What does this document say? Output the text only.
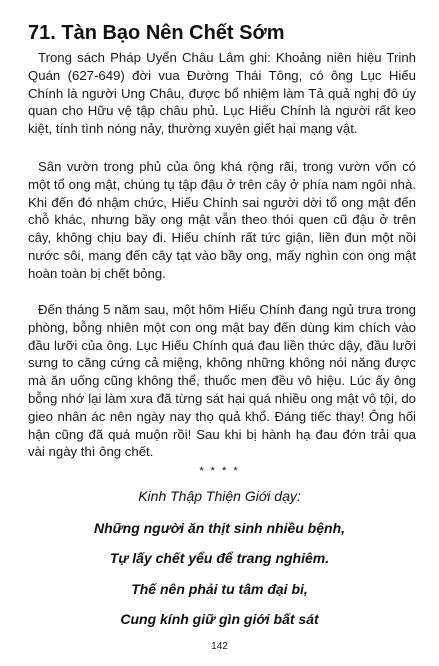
71. Tàn Bạo Nên Chết Sớm
Trong sách Pháp Uyển Châu Lâm ghi: Khoảng niên hiệu Trinh Quán (627-649) đời vua Đường Thái Tông, có ông Lục Hiếu Chính là người Ung Châu, được bổ nhiệm làm Tả quả nghị đô úy quan cho Hữu vệ tập châu phủ. Lục Hiếu Chính là người rất keo kiệt, tính tình nóng nảy, thường xuyên giết hại mạng vật.
Sân vườn trong phủ của ông khá rộng rãi, trong vườn vốn có một tổ ong mật, chúng tụ tập đậu ở trên cây ở phía nam ngôi nhà. Khi đến đó nhậm chức, Hiếu Chính sai người dời tổ ong mật đến chỗ khác, nhưng bầy ong mật vẫn theo thói quen cũ đậu ở trên cây, không chịu bay đi. Hiếu chính rất tức giận, liền đun một nồi nước sôi, mang đến cây tạt vào bầy ong, mấy nghìn con ong mật hoàn toàn bị chết bỏng.
Đến tháng 5 năm sau, một hôm Hiếu Chính đang ngủ trưa trong phòng, bỗng nhiên một con ong mật bay đến dùng kim chích vào đầu lưỡi của ông. Lục Hiếu Chính quá đau liền thức dậy, đầu lưỡi sưng to căng cứng cả miệng, không những không nói năng được mà ăn uống cũng không thể, thuốc men đều vô hiệu. Lúc ấy ông bỗng nhớ lại làm xưa đã từng sát hại quá nhiều ong mật vô tội, do gieo nhân ác nên ngày nay thọ quả khổ. Đáng tiếc thay! Ông hối hận cũng đã quá muộn rồi! Sau khi bị hành hạ đau đớn trải qua vài ngày thì ông chết.
* * * *
Kinh Thập Thiện Giới dạy:
Những người ăn thịt sinh nhiều bệnh,
Tự lấy chết yểu để trang nghiêm.
Thế nên phải tu tâm đại bi,
Cung kính giữ gìn giới bất sát
142
